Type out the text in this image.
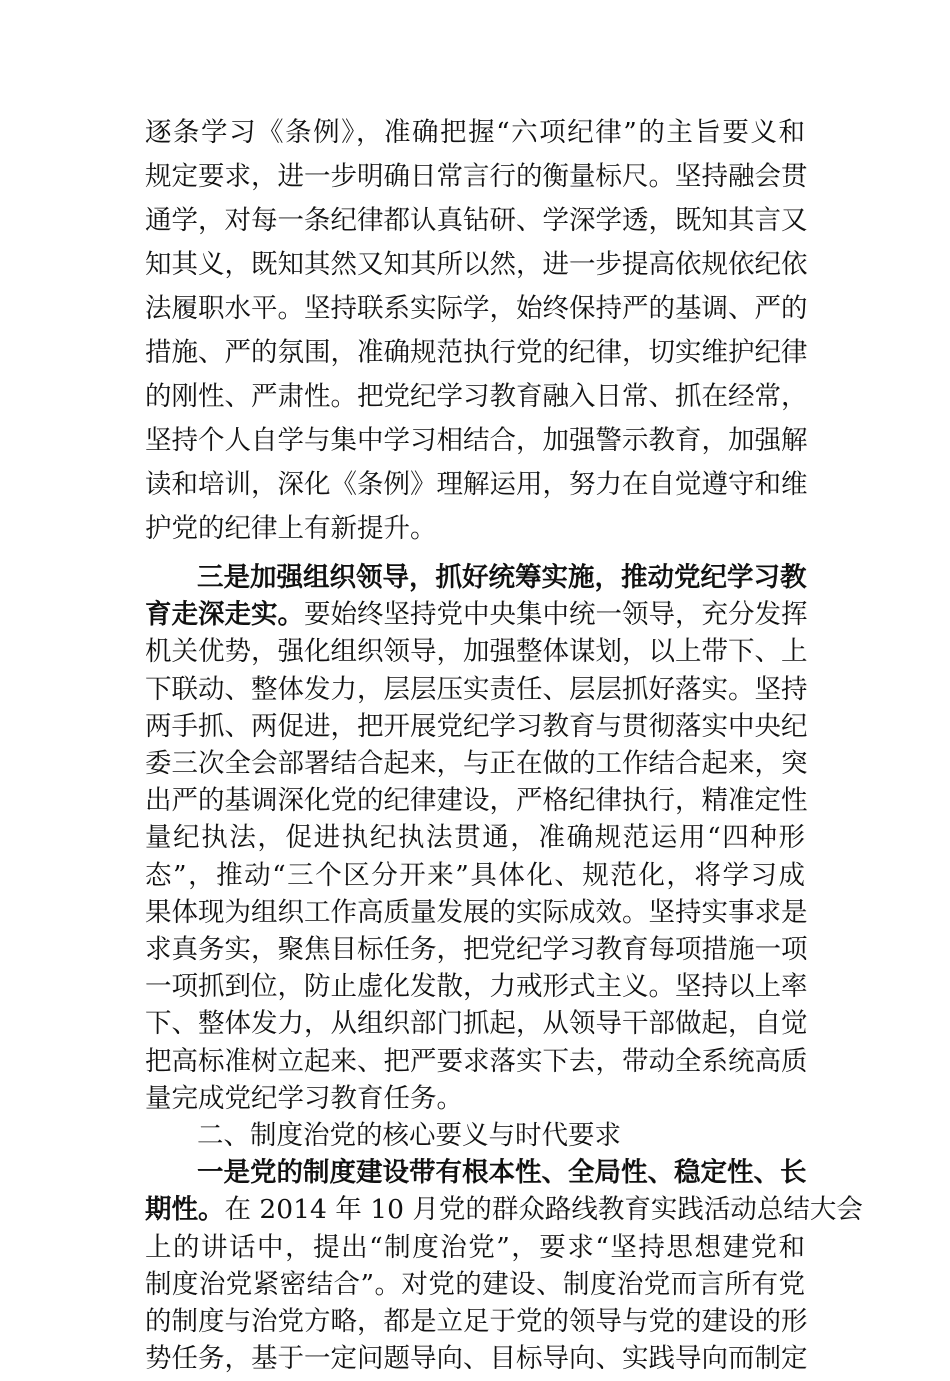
逐条学习《条例》，准确把握“六项纪律”的主旨要义和
规定要求，进一步明确日常言行的衡量标尺。坚持融会贯
通学，对每一条纪律都认真钻研、学深学透，既知其言又
知其义，既知其然又知其所以然，进一步提高依规依纪依
法履职水平。坚持联系实际学，始终保持严的基调、严的
措施、严的氛围，准确规范执行党的纪律，切实维护纪律
的刚性、严肃性。把党纪学习教育融入日常、抓在经常，
坚持个人自学与集中学习相结合，加强警示教育，加强解
读和培训，深化《条例》理解运用，努力在自觉遵守和维
护党的纪律上有新提升。
三是加强组织领导，抓好统筹实施，推动党纪学习教
育走深走实。要始终坚持党中央集中统一领导，充分发挥
机关优势，强化组织领导，加强整体谋划，以上带下、上
下联动、整体发力，层层压实责任、层层抓好落实。坚持
两手抓、两促进，把开展党纪学习教育与贯彻落实中央纪
委三次全会部署结合起来，与正在做的工作结合起来，突
出严的基调深化党的纪律建设，严格纪律执行，精准定性
量纪执法，促进执纪执法贯通，准确规范运用“四种形
态”，推动“三个区分开来”具体化、规范化，将学习成
果体现为组织工作高质量发展的实际成效。坚持实事求是
求真务实，聚焦目标任务，把党纪学习教育每项措施一项
一项抓到位，防止虚化发散，力戒形式主义。坚持以上率
下、整体发力，从组织部门抓起，从领导干部做起，自觉
把高标准树立起来、把严要求落实下去，带动全系统高质
量完成党纪学习教育任务。
二、制度治党的核心要义与时代要求
一是党的制度建设带有根本性、全局性、稳定性、长
期性。在 2014 年 10 月党的群众路线教育实践活动总结大会
上的讲话中，提出“制度治党”，要求“坚持思想建党和
制度治党紧密结合”。对党的建设、制度治党而言所有党
的制度与治党方略，都是立足于党的领导与党的建设的形
势任务，基于一定问题导向、目标导向、实践导向而制定
